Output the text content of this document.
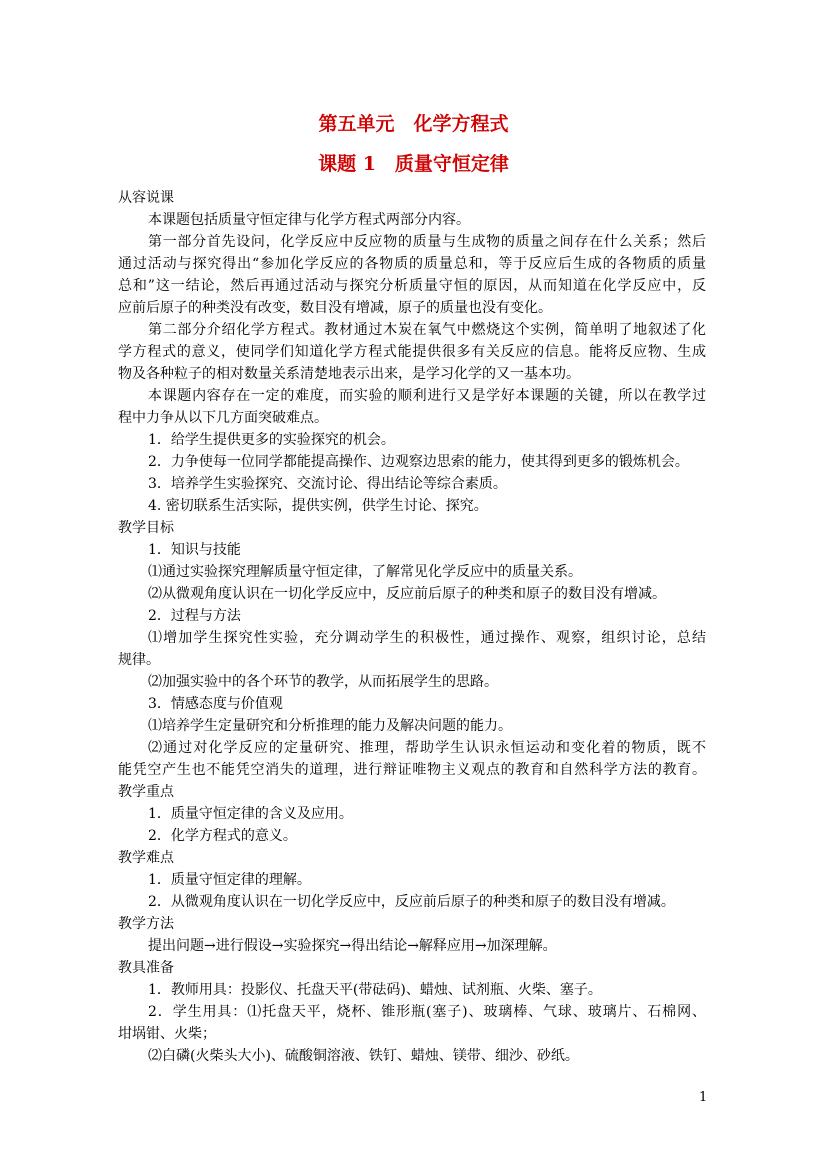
第五单元　化学方程式
课题 1　质量守恒定律
从容说课
本课题包括质量守恒定律与化学方程式两部分内容。
第一部分首先设问，化学反应中反应物的质量与生成物的质量之间存在什么关系；然后
通过活动与探究得出“参加化学反应的各物质的质量总和，等于反应后生成的各物质的质量
总和”这一结论，然后再通过活动与探究分析质量守恒的原因，从而知道在化学反应中，反
应前后原子的种类没有改变，数目没有增减，原子的质量也没有变化。
第二部分介绍化学方程式。教材通过木炭在氧气中燃烧这个实例，简单明了地叙述了化
学方程式的意义，使同学们知道化学方程式能提供很多有关反应的信息。能将反应物、生成
物及各种粒子的相对数量关系清楚地表示出来，是学习化学的又一基本功。
本课题内容存在一定的难度，而实验的顺利进行又是学好本课题的关键，所以在教学过
程中力争从以下几方面突破难点。
1．给学生提供更多的实验探究的机会。
2．力争使每一位同学都能提高操作、边观察边思索的能力，使其得到更多的锻炼机会。
3．培养学生实验探究、交流讨论、得出结论等综合素质。
4. 密切联系生活实际，提供实例，供学生讨论、探究。
教学目标
1．知识与技能
⑴通过实验探究理解质量守恒定律，了解常见化学反应中的质量关系。
⑵从微观角度认识在一切化学反应中，反应前后原子的种类和原子的数目没有增减。
2．过程与方法
⑴增加学生探究性实验，充分调动学生的积极性，通过操作、观察，组织讨论，总结
规律。
⑵加强实验中的各个环节的教学，从而拓展学生的思路。
3．情感态度与价值观
⑴培养学生定量研究和分析推理的能力及解决问题的能力。
⑵通过对化学反应的定量研究、推理，帮助学生认识永恒运动和变化着的物质，既不
能凭空产生也不能凭空消失的道理，进行辩证唯物主义观点的教育和自然科学方法的教育。
教学重点
1．质量守恒定律的含义及应用。
2．化学方程式的意义。
教学难点
1．质量守恒定律的理解。
2．从微观角度认识在一切化学反应中，反应前后原子的种类和原子的数目没有增减。
教学方法
提出问题→进行假设→实验探究→得出结论→解释应用→加深理解。
教具准备
1．教师用具：投影仪、托盘天平(带砝码)、蜡烛、试剂瓶、火柴、塞子。
2．学生用具：⑴托盘天平，烧杯、锥形瓶(塞子)、玻璃棒、气球、玻璃片、石棉网、
坩埚钳、火柴；
⑵白磷(火柴头大小)、硫酸铜溶液、铁钉、蜡烛、镁带、细沙、砂纸。
1
